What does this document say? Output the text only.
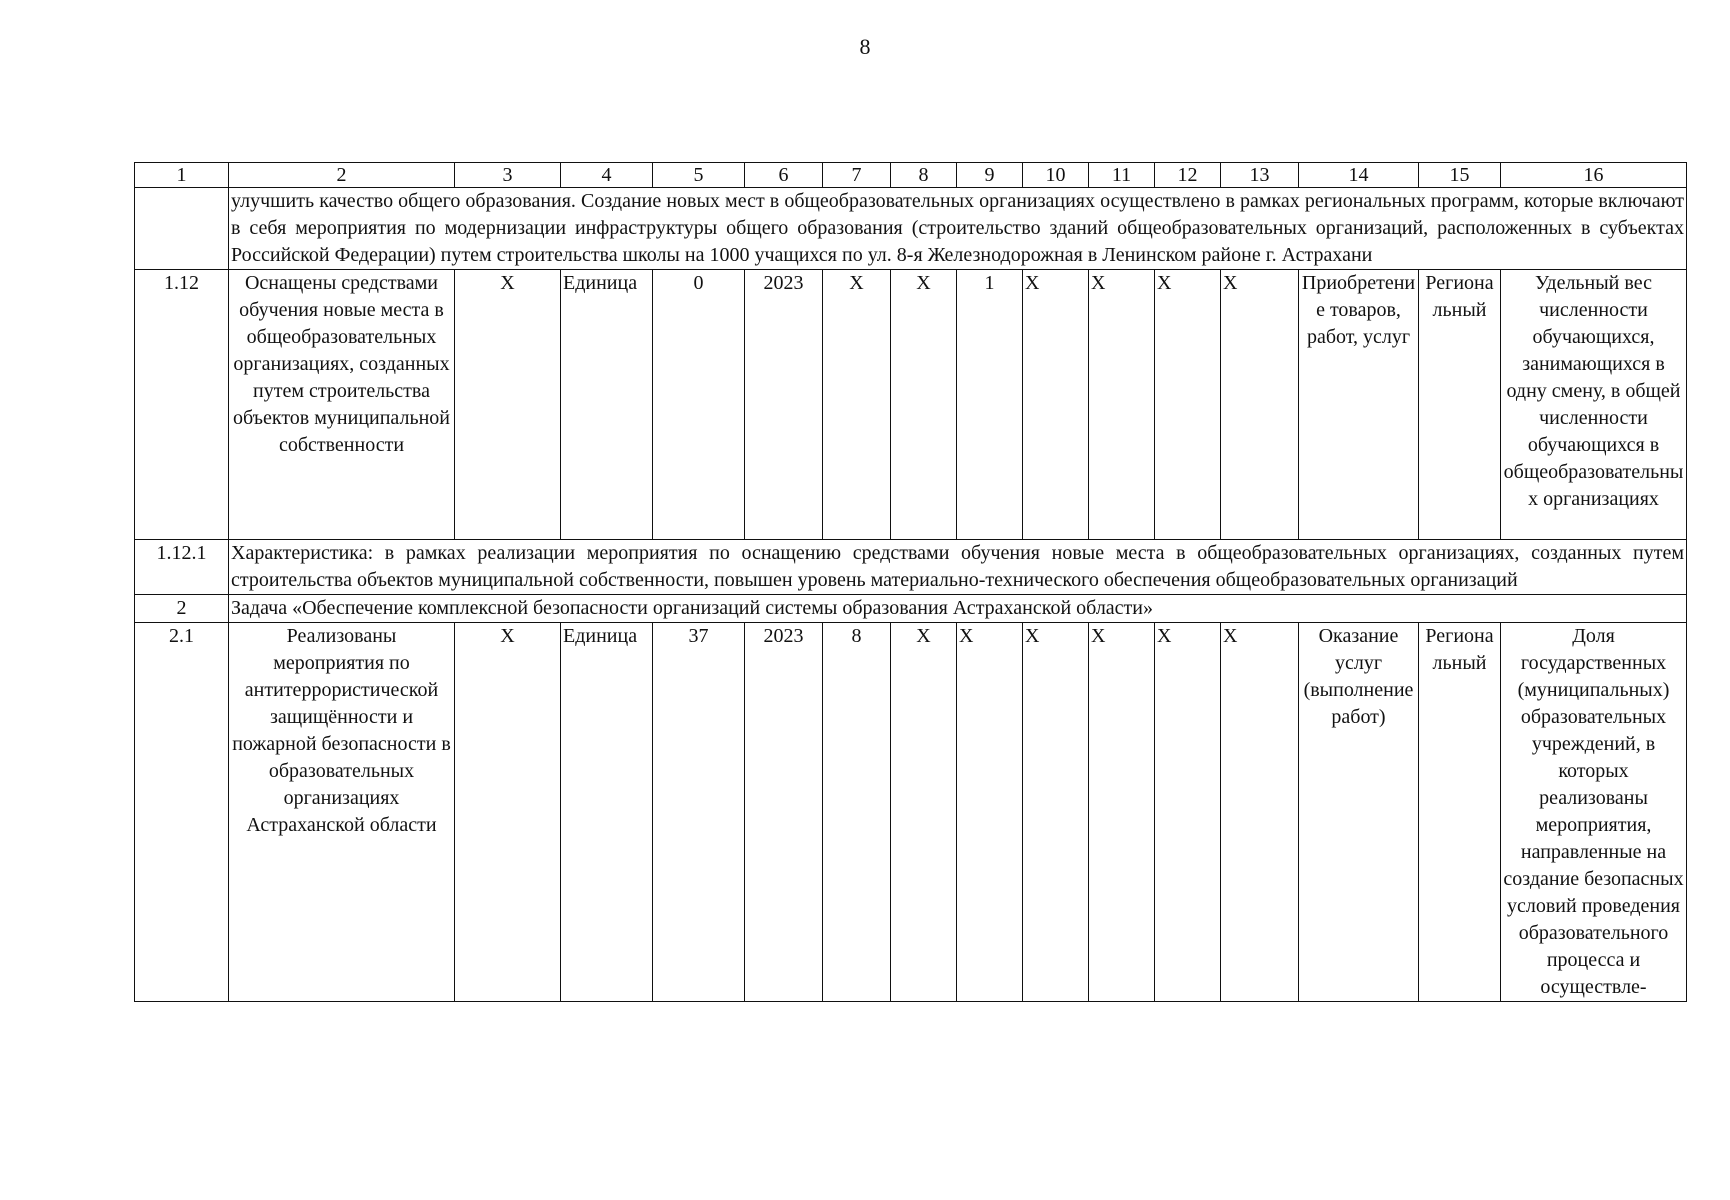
8
1	2	3	4	5	6	7	8	9	10	11	12	13	14	15	16
	улучшить качество общего образования. Создание новых мест в общеобразовательных организациях осуществлено в рамках региональных программ, которые включают в себя мероприятия по модернизации инфраструктуры общего образования (строительство зданий общеобразовательных организаций, расположенных в субъектах Российской Федерации) путем строительства школы на 1000 учащихся по ул. 8-я Железнодорожная в Ленинском районе г. Астрахани														
1.12	Оснащены средствами обучения новые места в общеобразовательных организациях, созданных путем строительства объектов муниципальной собственности	Х	Единица	0	2023	Х	Х	1	Х	Х	Х	Х	Приобретение товаров, работ, услуг	Региональный	Удельный вес численности обучающихся, занимающихся в одну смену, в общей численности обучающихся в общеобразовательных организациях
1.12.1	Характеристика: в рамках реализации мероприятия по оснащению средствами обучения новые места в общеобразовательных организациях, созданных путем строительства объектов муниципальной собственности, повышен уровень материально-технического обеспечения общеобразовательных организаций														
2	Задача «Обеспечение комплексной безопасности организаций системы образования Астраханской области»														
2.1	Реализованы мероприятия по антитеррористической защищённости и пожарной безопасности в образовательных организациях Астраханской области	Х	Единица	37	2023	8	Х	Х	Х	Х	Х	Х	Оказание услуг (выполнение работ)	Региональный	Доля государственных (муниципальных) образовательных учреждений, в которых реализованы мероприятия, направленные на создание безопасных условий проведения образовательного процесса и осуществле-
